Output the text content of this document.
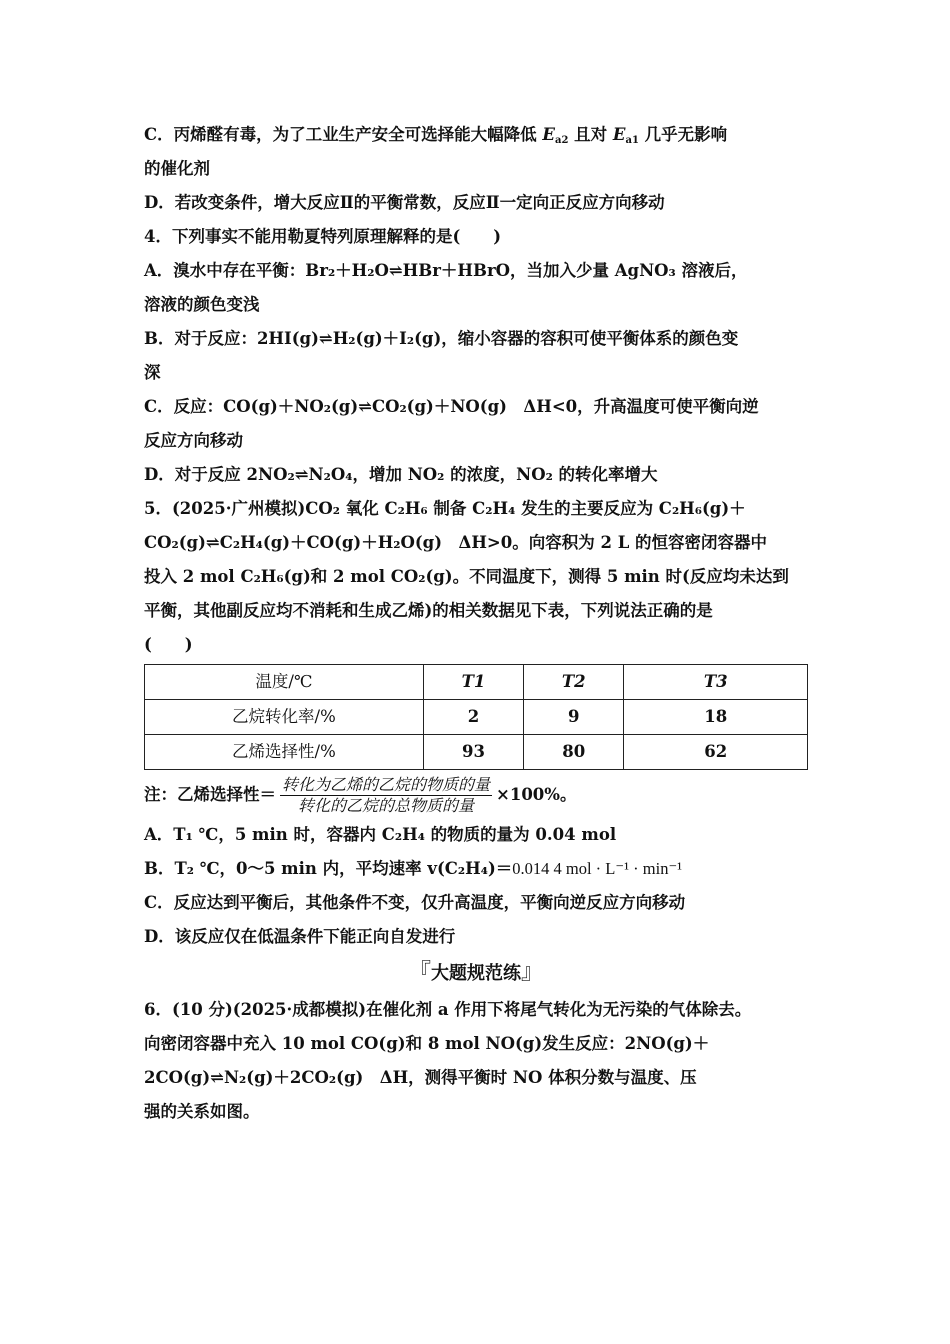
C．丙烯醛有毒，为了工业生产安全可选择能大幅降低 $E_{a2}$ 且对 $E_{a1}$ 几乎无影响

的催化剂

D．若改变条件，增大反应Ⅱ的平衡常数，反应Ⅱ一定向正反应方向移动

4．下列事实不能用勒夏特列原理解释的是(　　)

A．溴水中存在平衡：Br₂＋H₂O⇌HBr＋HBrO，当加入少量 AgNO₃ 溶液后，

溶液的颜色变浅

B．对于反应：2HI(g)⇌H₂(g)＋I₂(g)，缩小容器的容积可使平衡体系的颜色变

深

C．反应：CO(g)＋NO₂(g)⇌CO₂(g)＋NO(g)　ΔH<0，升高温度可使平衡向逆

反应方向移动

D．对于反应 2NO₂⇌N₂O₄，增加 NO₂ 的浓度，NO₂ 的转化率增大

5．(2025·广州模拟)CO₂ 氧化 C₂H₆ 制备 C₂H₄ 发生的主要反应为 C₂H₆(g)＋

CO₂(g)⇌C₂H₄(g)＋CO(g)＋H₂O(g)　ΔH>0。向容积为 2 L 的恒容密闭容器中

投入 2 mol C₂H₆(g)和 2 mol CO₂(g)。不同温度下，测得 5 min 时(反应均未达到

平衡，其他副反应均不消耗和生成乙烯)的相关数据见下表，下列说法正确的是

(　　)

温度/℃	T1	T2	T3
乙烷转化率/%	2	9	18
乙烯选择性/%	93	80	62
注：乙烯选择性＝ $\frac{\text{转化为乙烯的乙烷的物质的量}}{\text{转化的乙烷的总物质的量}} \times 100\%$。

A．T₁ ℃，5 min 时，容器内 C₂H₄ 的物质的量为 0.04 mol

B．T₂ ℃，0～5 min 内，平均速率 v(C₂H₄)＝0.014 4 mol · L⁻¹ · min⁻¹

C．反应达到平衡后，其他条件不变，仅升高温度，平衡向逆反应方向移动

D．该反应仅在低温条件下能正向自发进行

『大题规范练』

6．(10 分)(2025·成都模拟)在催化剂 a 作用下将尾气转化为无污染的气体除去。

向密闭容器中充入 10 mol CO(g)和 8 mol NO(g)发生反应：2NO(g)＋

2CO(g)⇌N₂(g)＋2CO₂(g)　ΔH，测得平衡时 NO 体积分数与温度、压

强的关系如图。
